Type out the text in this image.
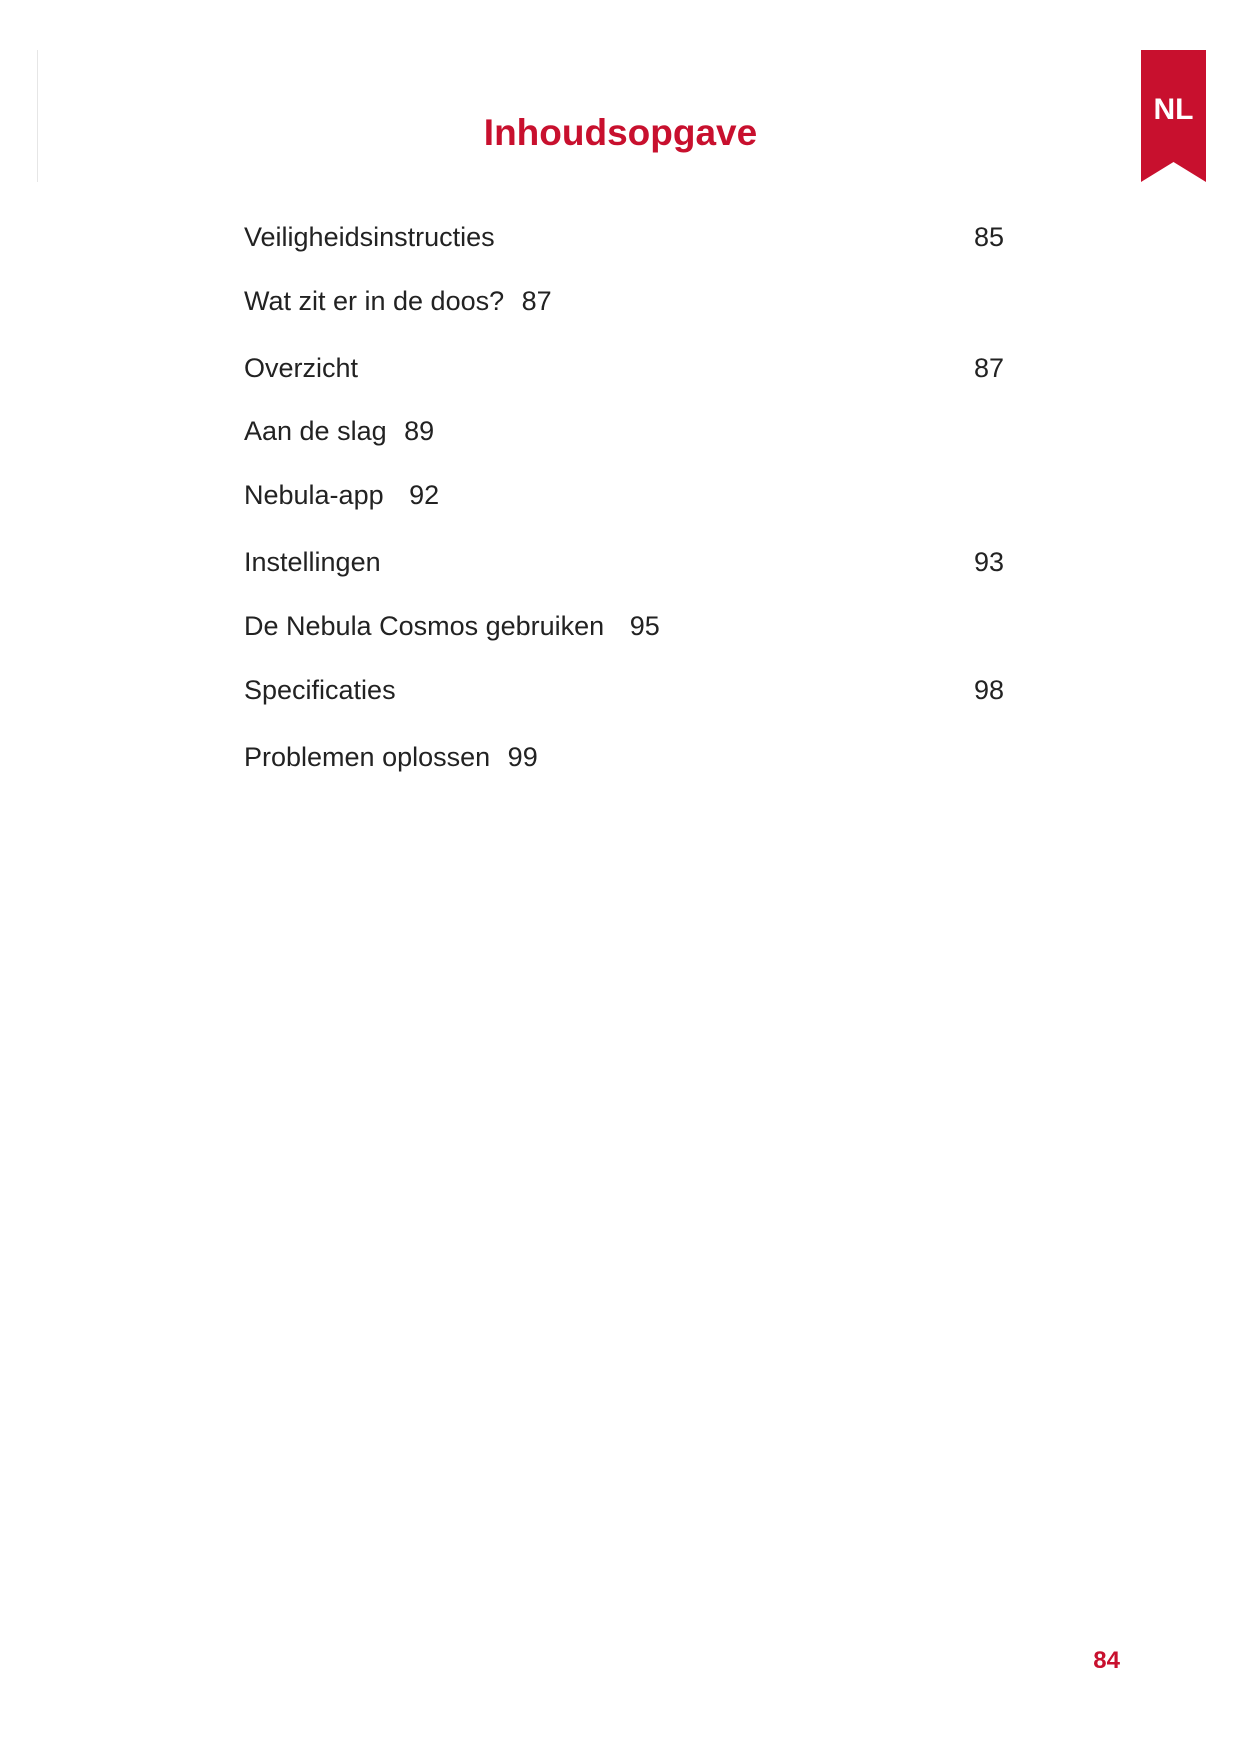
NL
Inhoudsopgave
Veiligheidsinstructies	85
Wat zit er in de doos? 87
Overzicht	87
Aan de slag 89
Nebula-app 92
Instellingen	93
De Nebula Cosmos gebruiken 95
Specificaties	98
Problemen oplossen 99
84
